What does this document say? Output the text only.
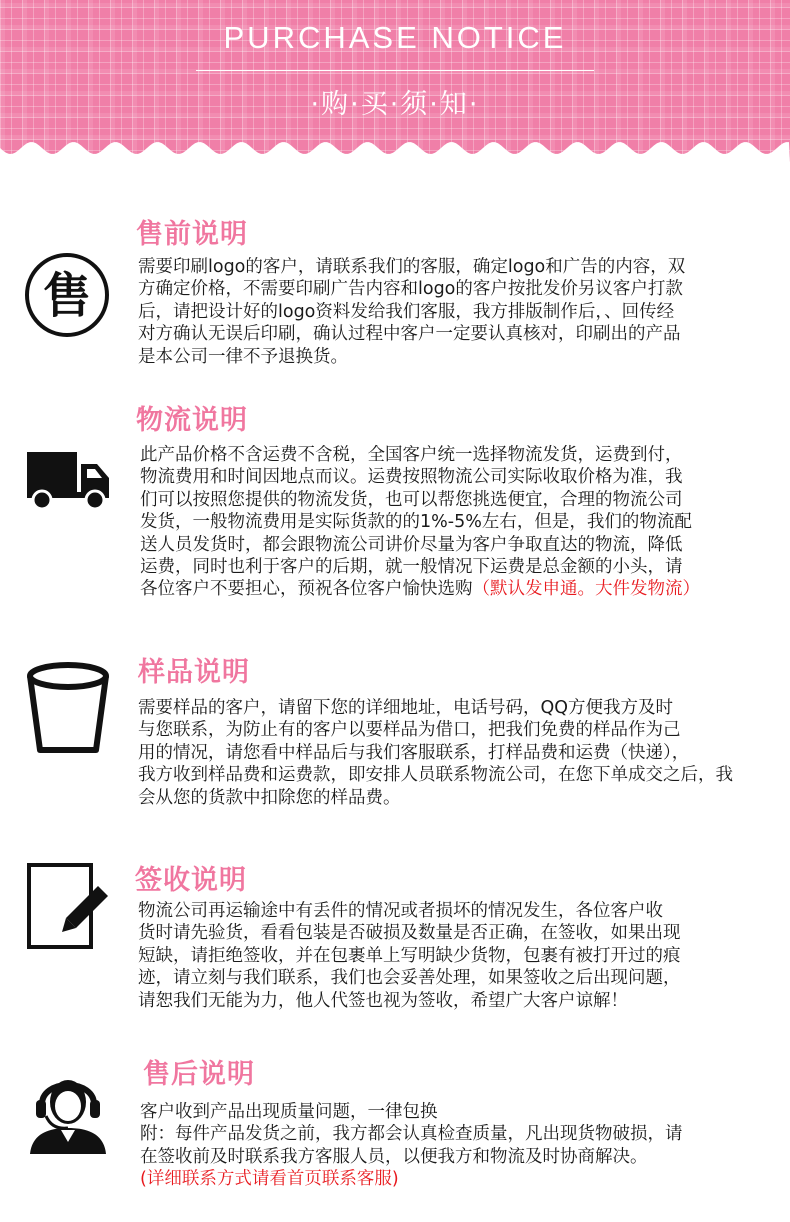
PURCHASE NOTICE
·购·买·须·知·
售前说明
售
需要印刷logo的客户，请联系我们的客服，确定logo和广告的内容，双
方确定价格，不需要印刷广告内容和logo的客户按批发价另议客户打款
后，请把设计好的logo资料发给我们客服，我方排版制作后，、回传经
对方确认无误后印刷，确认过程中客户一定要认真核对，印刷出的产品
是本公司一律不予退换货。
物流说明
此产品价格不含运费不含税，全国客户统一选择物流发货，运费到付，
物流费用和时间因地点而议。运费按照物流公司实际收取价格为准，我
们可以按照您提供的物流发货，也可以帮您挑选便宜，合理的物流公司
发货，一般物流费用是实际货款的的1%-5%左右，但是，我们的物流配
送人员发货时，都会跟物流公司讲价尽量为客户争取直达的物流，降低
运费，同时也利于客户的后期，就一般情况下运费是总金额的小头，请
各位客户不要担心，预祝各位客户愉快选购（默认发申通。大件发物流）
样品说明
需要样品的客户，请留下您的详细地址，电话号码，QQ方便我方及时
与您联系，为防止有的客户以要样品为借口，把我们免费的样品作为己
用的情况，请您看中样品后与我们客服联系，打样品费和运费（快递），
我方收到样品费和运费款，即安排人员联系物流公司，在您下单成交之后，我
会从您的货款中扣除您的样品费。
签收说明
物流公司再运输途中有丢件的情况或者损坏的情况发生，各位客户收
货时请先验货，看看包装是否破损及数量是否正确，在签收，如果出现
短缺，请拒绝签收，并在包裹单上写明缺少货物，包裹有被打开过的痕
迹，请立刻与我们联系，我们也会妥善处理，如果签收之后出现问题，
请恕我们无能为力，他人代签也视为签收，希望广大客户谅解！
售后说明
客户收到产品出现质量问题，一律包换
附：每件产品发货之前，我方都会认真检查质量，凡出现货物破损，请
在签收前及时联系我方客服人员，以便我方和物流及时协商解决。
(详细联系方式请看首页联系客服)
